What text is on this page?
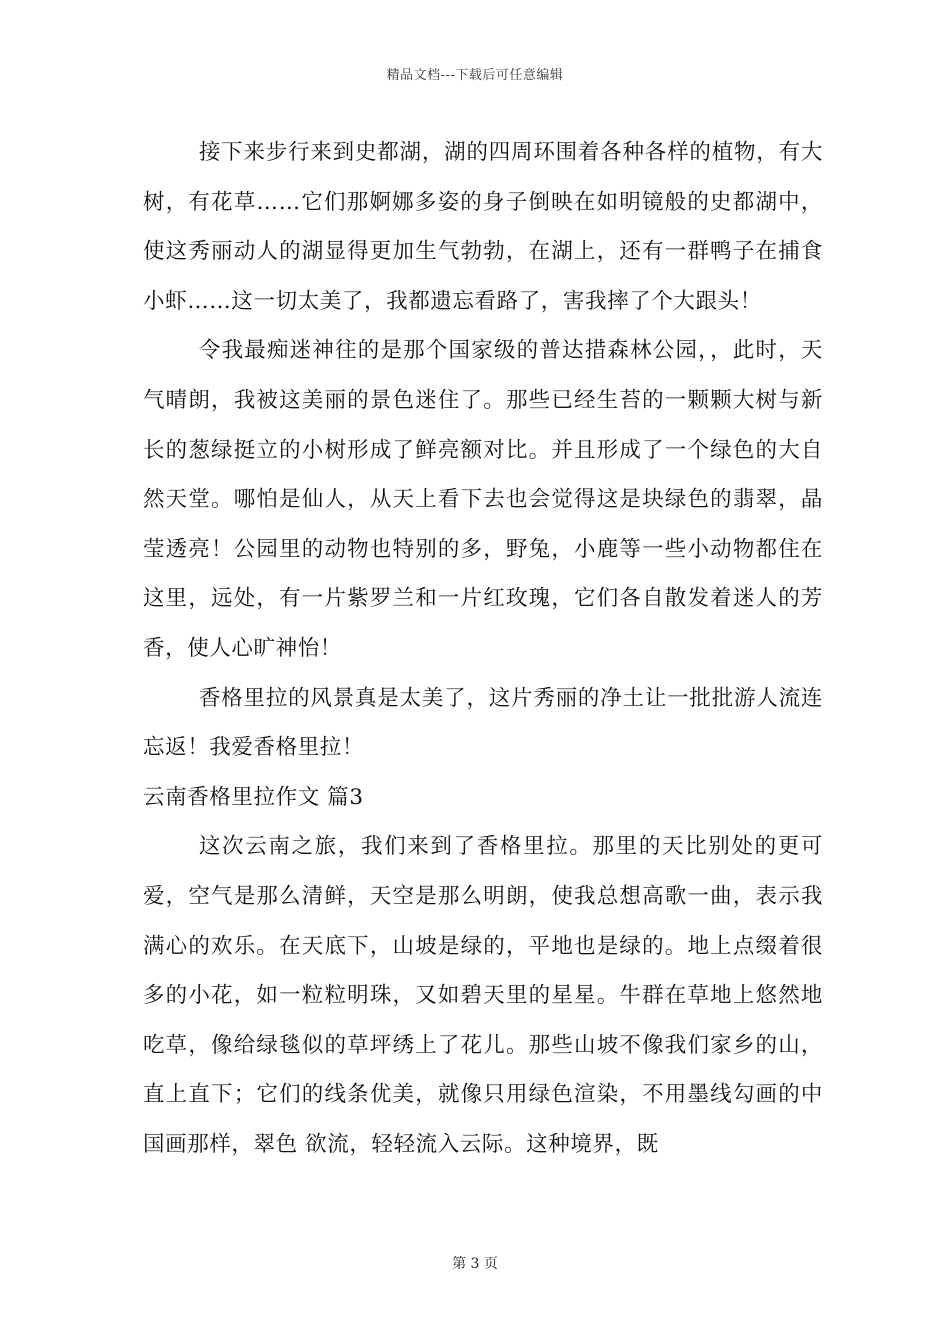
精品文档---下载后可任意编辑

接下来步行来到史都湖，湖的四周环围着各种各样的植物，有大树，有花草……它们那婀娜多姿的身子倒映在如明镜般的史都湖中，使这秀丽动人的湖显得更加生气勃勃，在湖上，还有一群鸭子在捕食小虾……这一切太美了，我都遗忘看路了，害我摔了个大跟头！

令我最痴迷神往的是那个国家级的普达措森林公园，，此时，天气晴朗，我被这美丽的景色迷住了。那些已经生苔的一颗颗大树与新长的葱绿挺立的小树形成了鲜亮额对比。并且形成了一个绿色的大自然天堂。哪怕是仙人，从天上看下去也会觉得这是块绿色的翡翠，晶莹透亮！公园里的动物也特别的多，野兔，小鹿等一些小动物都住在这里，远处，有一片紫罗兰和一片红玫瑰，它们各自散发着迷人的芳香，使人心旷神怡！

香格里拉的风景真是太美了，这片秀丽的净土让一批批游人流连忘返！我爱香格里拉！

云南香格里拉作文 篇3

这次云南之旅，我们来到了香格里拉。那里的天比别处的更可爱，空气是那么清鲜，天空是那么明朗，使我总想高歌一曲，表示我满心的欢乐。在天底下，山坡是绿的，平地也是绿的。地上点缀着很多的小花，如一粒粒明珠，又如碧天里的星星。牛群在草地上悠然地吃草，像给绿毯似的草坪绣上了花儿。那些山坡不像我们家乡的山，直上直下；它们的线条优美，就像只用绿色渲染，不用墨线勾画的中国画那样，翠色 欲流，轻轻流入云际。这种境界，既

第 3 页
